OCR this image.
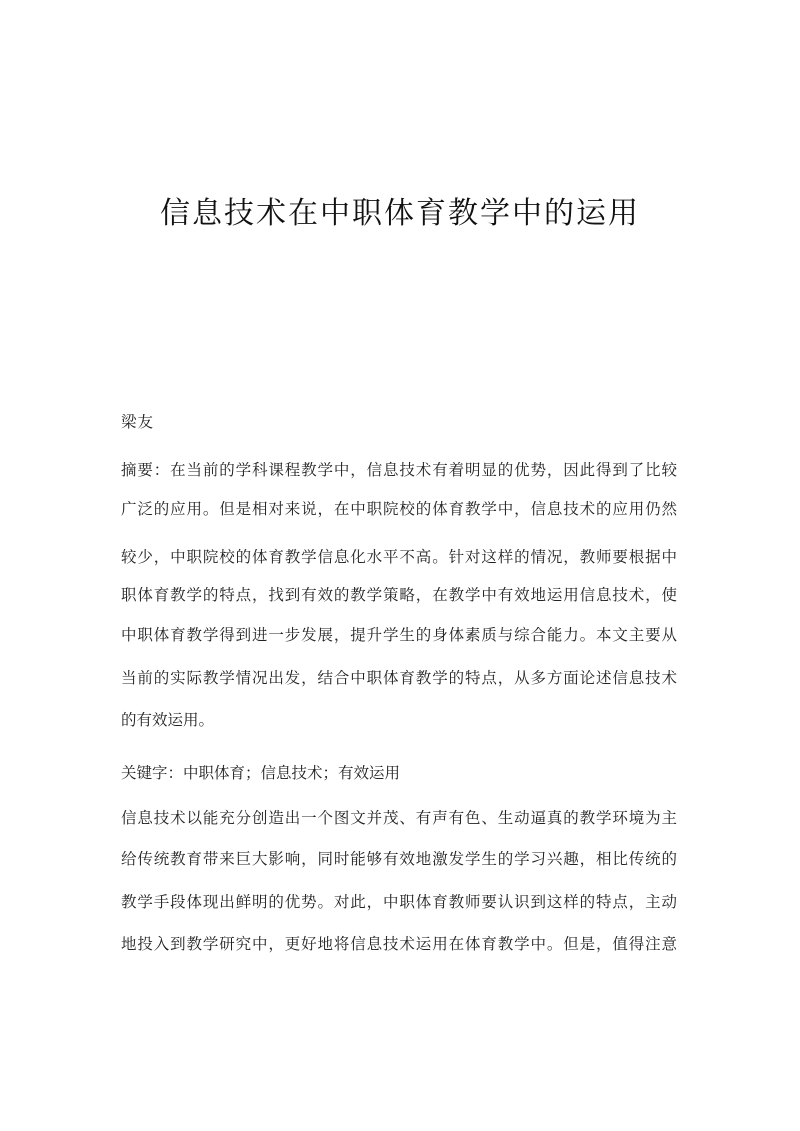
信息技术在中职体育教学中的运用
梁友
摘要：在当前的学科课程教学中，信息技术有着明显的优势，因此得到了比较
广泛的应用。但是相对来说，在中职院校的体育教学中，信息技术的应用仍然
较少，中职院校的体育教学信息化水平不高。针对这样的情况，教师要根据中
职体育教学的特点，找到有效的教学策略，在教学中有效地运用信息技术，使
中职体育教学得到进一步发展，提升学生的身体素质与综合能力。本文主要从
当前的实际教学情况出发，结合中职体育教学的特点，从多方面论述信息技术
的有效运用。
关键字：中职体育；信息技术；有效运用
信息技术以能充分创造出一个图文并茂、有声有色、生动逼真的教学环境为主
给传统教育带来巨大影响，同时能够有效地激发学生的学习兴趣，相比传统的
教学手段体现出鲜明的优势。对此，中职体育教师要认识到这样的特点，主动
地投入到教学研究中，更好地将信息技术运用在体育教学中。但是，值得注意
